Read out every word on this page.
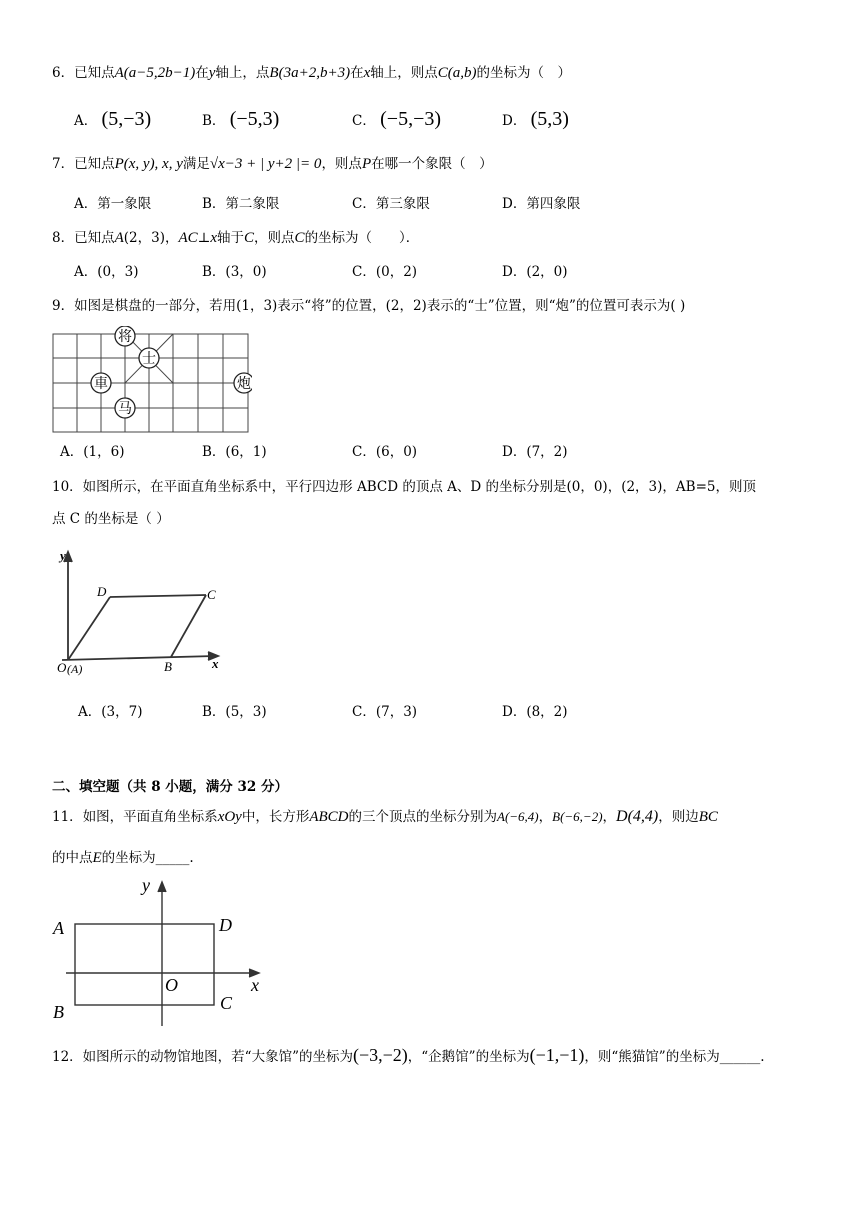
6．已知点A(a−5,2b−1)在y轴上，点B(3a+2,b+3)在x轴上，则点C(a,b)的坐标为（　）
A． (5,−3)	B． (−5,3)	C． (−5,−3)	D． (5,3)
7．已知点P(x, y), x, y满足√x−3 + | y+2 |= 0，则点P在哪一个象限（　）
A．第一象限	B．第二象限	C．第三象限	D．第四象限
8．已知点A(2，3)，AC⊥x轴于C，则点C的坐标为（　　）．
A．(0，3)	B．(3，0)	C．(0，2)	D．(2，0)
9．如图是棋盘的一部分，若用(1，3)表示“将”的位置，(2，2)表示的“士”位置，则“炮”的位置可表示为( )
将
士
車	炮
马
A．(1，6)	B．(6，1)	C．(6，0)	D．(7，2)
10．如图所示，在平面直角坐标系中，平行四边形 ABCD 的顶点 A、D 的坐标分别是(0，0)，(2，3)，AB=5，则顶
点 C 的坐标是（ ）
y
x
D	C
O (A)	B
A．(3，7)	B．(5，3)	C．(7，3)	D．(8，2)
二、填空题（共 8 小题，满分 32 分）
11．如图，平面直角坐标系xOy中，长方形ABCD的三个顶点的坐标分别为A(−6,4)，B(−6,−2)，D(4,4)，则边BC
的中点E的坐标为_____.
y
x
A
B	C
D
O
12．如图所示的动物馆地图，若“大象馆”的坐标为(−3,−2)，“企鹅馆”的坐标为(−1,−1)，则“熊猫馆”的坐标为______.
